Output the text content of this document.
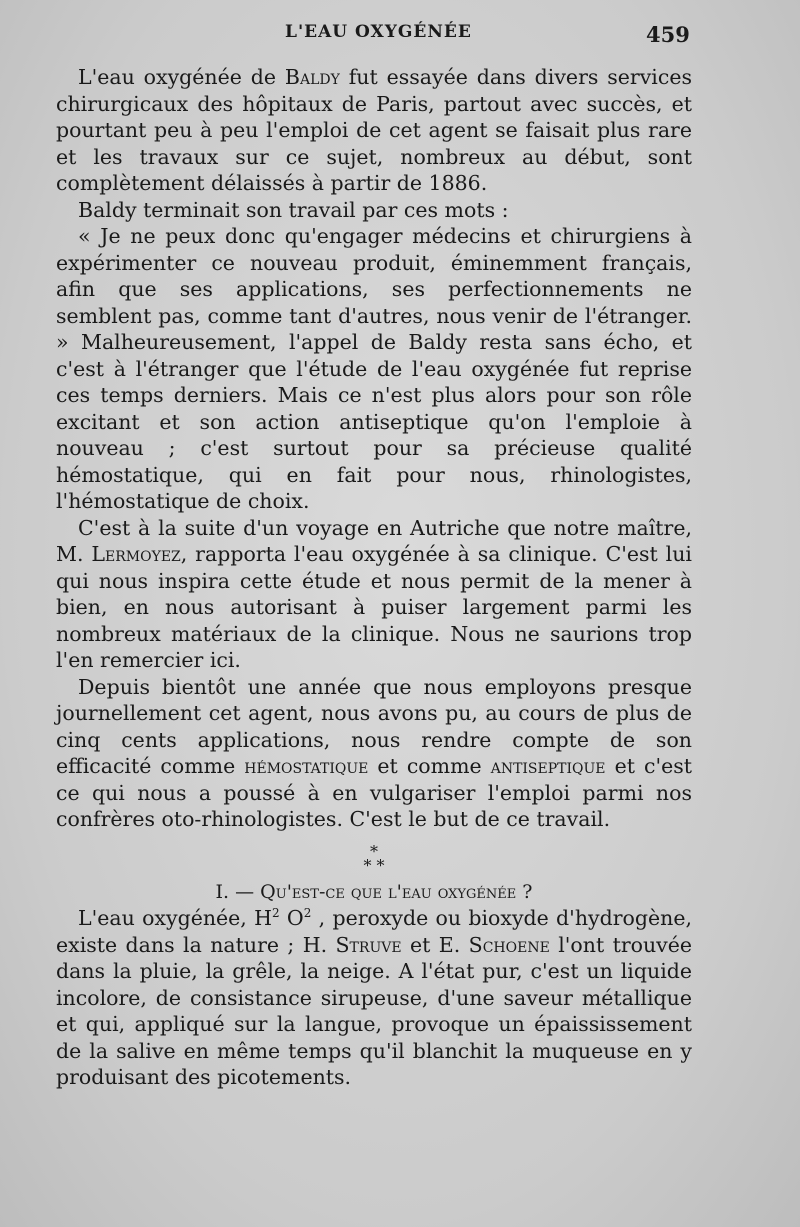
L'EAU OXYGÉNÉE	459

L'eau oxygénée de Baldy fut essayée dans divers services chirurgicaux des hôpitaux de Paris, partout avec succès, et pourtant peu à peu l'emploi de cet agent se faisait plus rare et les travaux sur ce sujet, nombreux au début, sont complètement délaissés à partir de 1886.

Baldy terminait son travail par ces mots :

« Je ne peux donc qu'engager médecins et chirurgiens à expérimenter ce nouveau produit, éminemment français, afin que ses applications, ses perfectionnements ne semblent pas, comme tant d'autres, nous venir de l'étranger. » Malheureusement, l'appel de Baldy resta sans écho, et c'est à l'étranger que l'étude de l'eau oxygénée fut reprise ces temps derniers. Mais ce n'est plus alors pour son rôle excitant et son action antiseptique qu'on l'emploie à nouveau ; c'est surtout pour sa précieuse qualité hémostatique, qui en fait pour nous, rhinologistes, l'hémostatique de choix.

C'est à la suite d'un voyage en Autriche que notre maître, M. Lermoyez, rapporta l'eau oxygénée à sa clinique. C'est lui qui nous inspira cette étude et nous permit de la mener à bien, en nous autorisant à puiser largement parmi les nombreux matériaux de la clinique. Nous ne saurions trop l'en remercier ici.

Depuis bientôt une année que nous employons presque journellement cet agent, nous avons pu, au cours de plus de cinq cents applications, nous rendre compte de son efficacité comme hémostatique et comme antiseptique et c'est ce qui nous a poussé à en vulgariser l'emploi parmi nos confrères oto-rhinologistes. C'est le but de ce travail.

*
* *

I. — Qu'est-ce que l'eau oxygénée ?

L'eau oxygénée, $H^2$ $O^2$ , peroxyde ou bioxyde d'hydrogène, existe dans la nature ; H. Struve et E. Schoene l'ont trouvée dans la pluie, la grêle, la neige. A l'état pur, c'est un liquide incolore, de consistance sirupeuse, d'une saveur métallique et qui, appliqué sur la langue, provoque un épaississement de la salive en même temps qu'il blanchit la muqueuse en y produisant des picotements.
